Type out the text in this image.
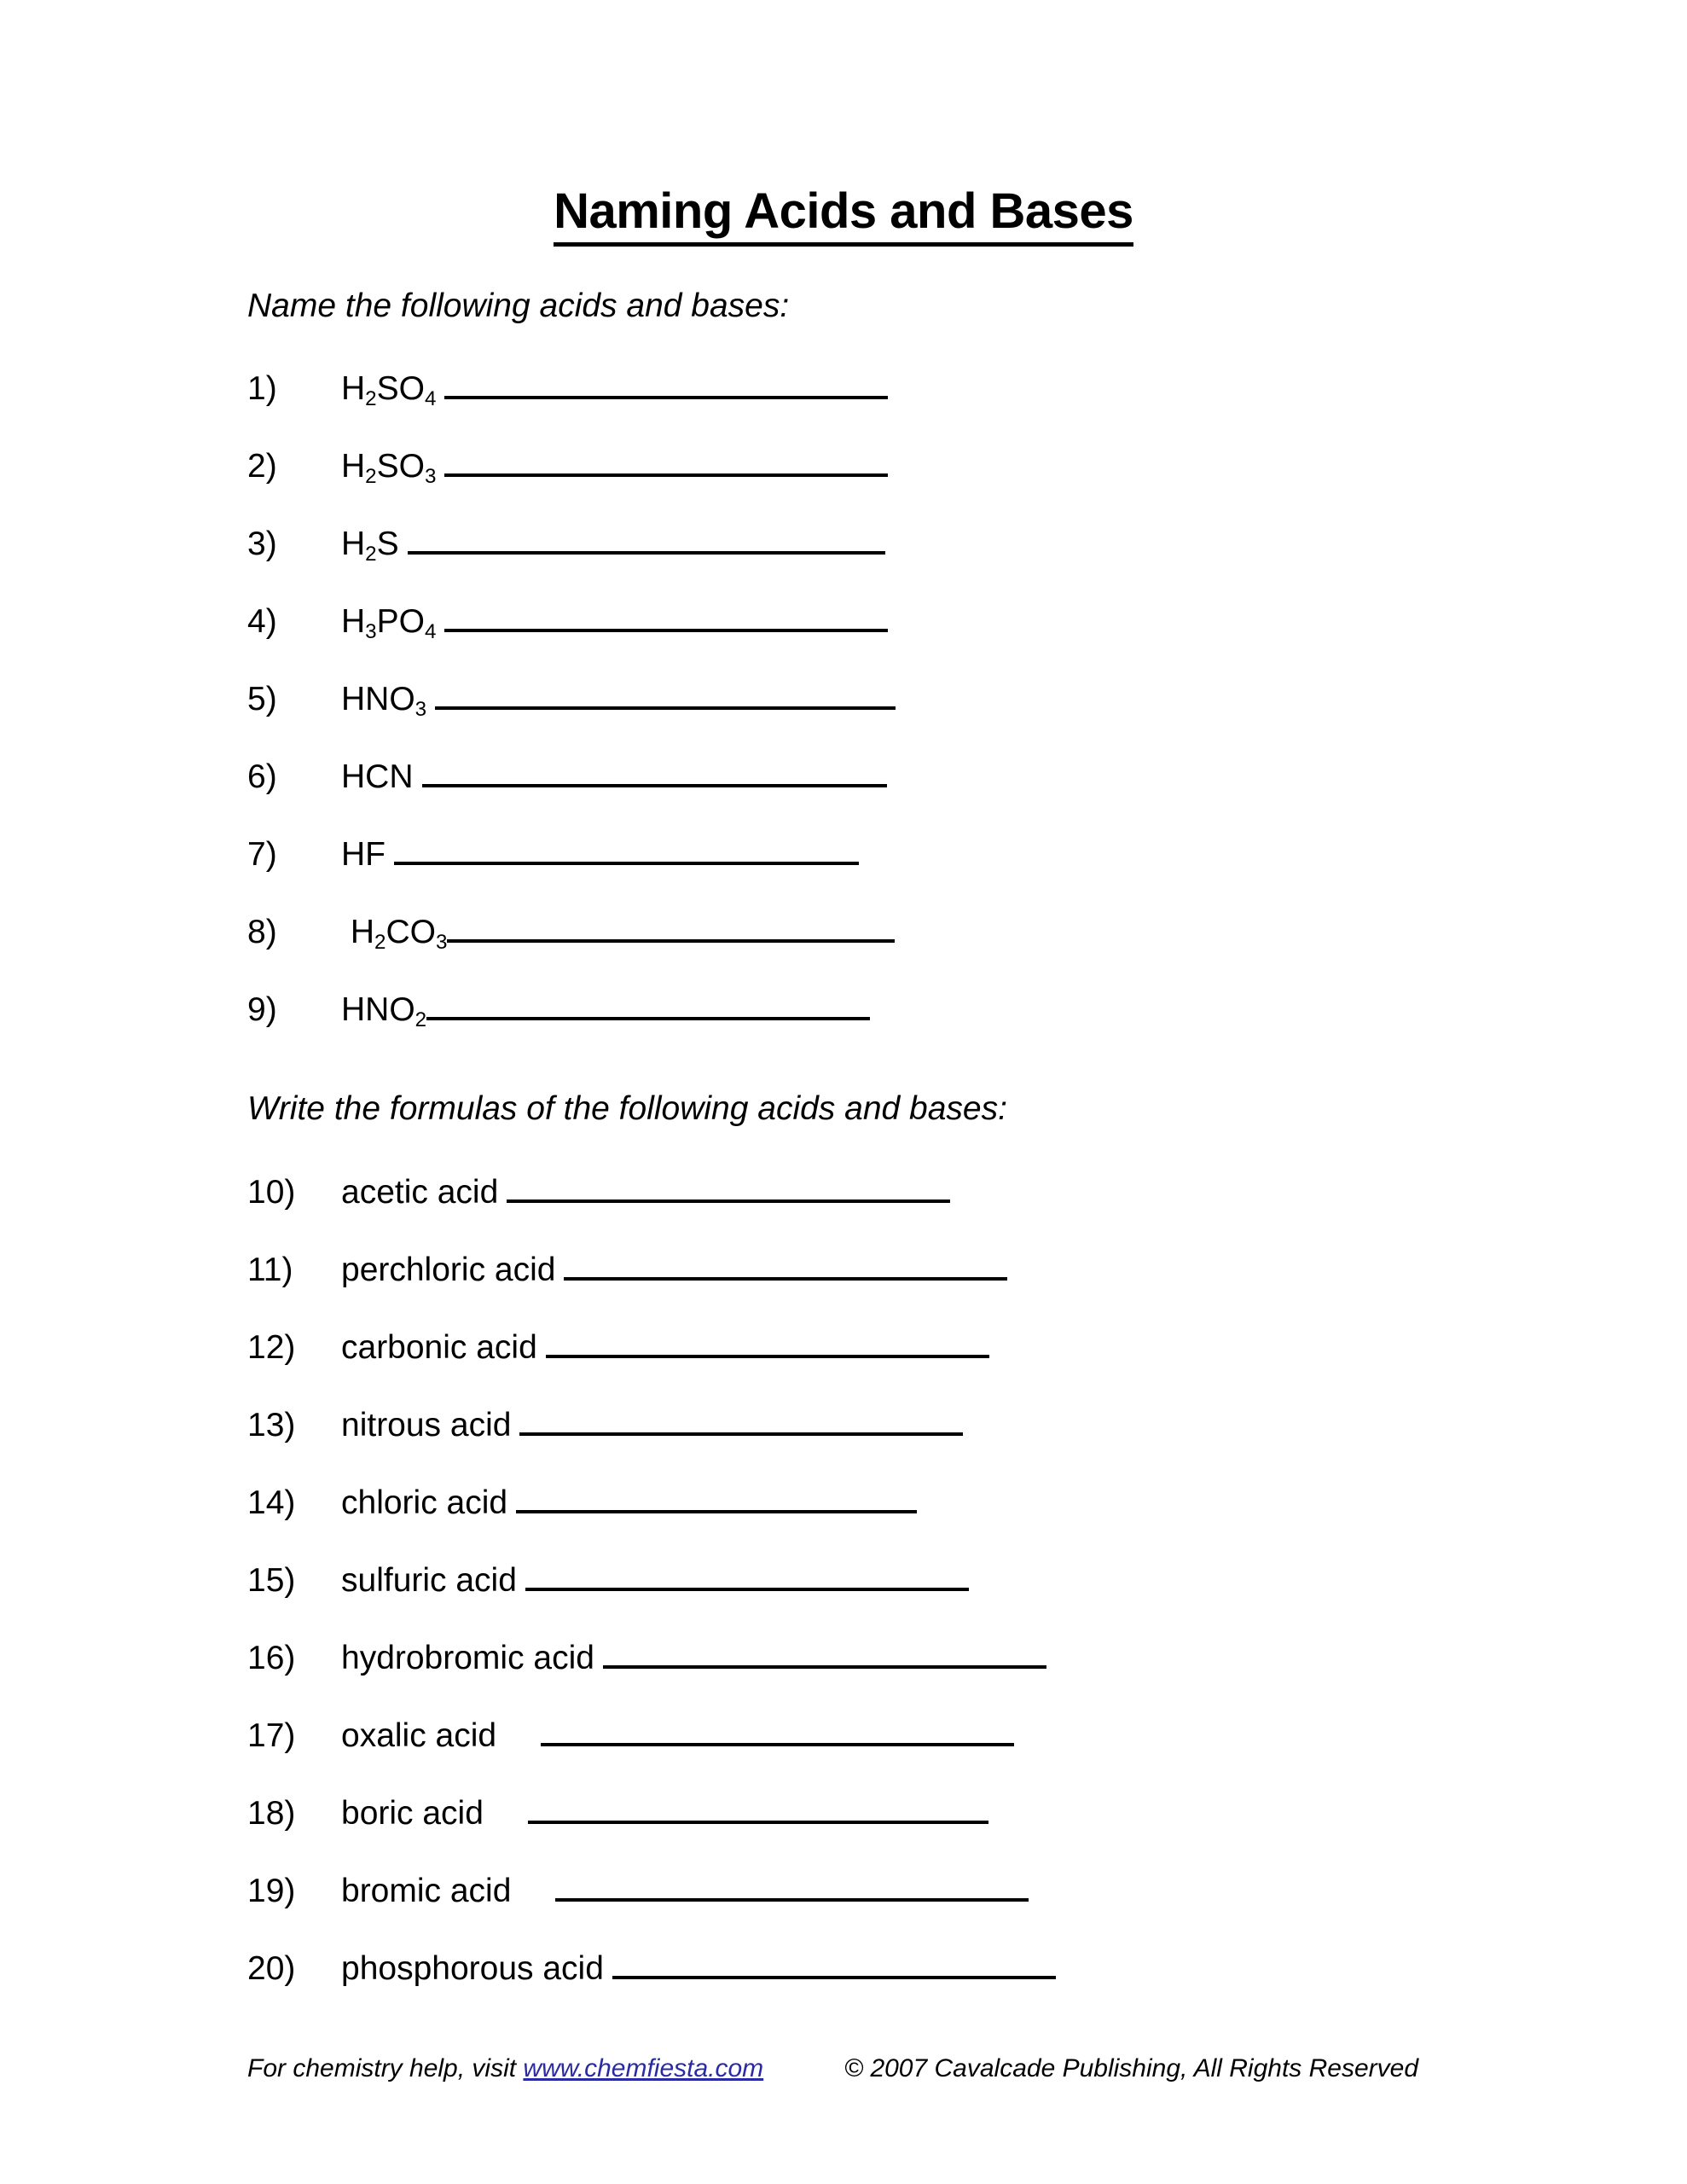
Naming Acids and Bases
Name the following acids and bases:
1)	$H_2SO_4$
2)	$H_2SO_3$
3)	$H_2S$
4)	$H_3PO_4$
5)	$HNO_3$
6)	HCN
7)	HF
8)	$H_2CO_3$
9)	$HNO_2$
Write the formulas of the following acids and bases:
10)	acetic acid
11)	perchloric acid
12)	carbonic acid
13)	nitrous acid
14)	chloric acid
15)	sulfuric acid
16)	hydrobromic acid
17)	oxalic acid
18)	boric acid
19)	bromic acid
20)	phosphorous acid
For chemistry help, visit www.chemfiesta.com	© 2007 Cavalcade Publishing, All Rights Reserved
